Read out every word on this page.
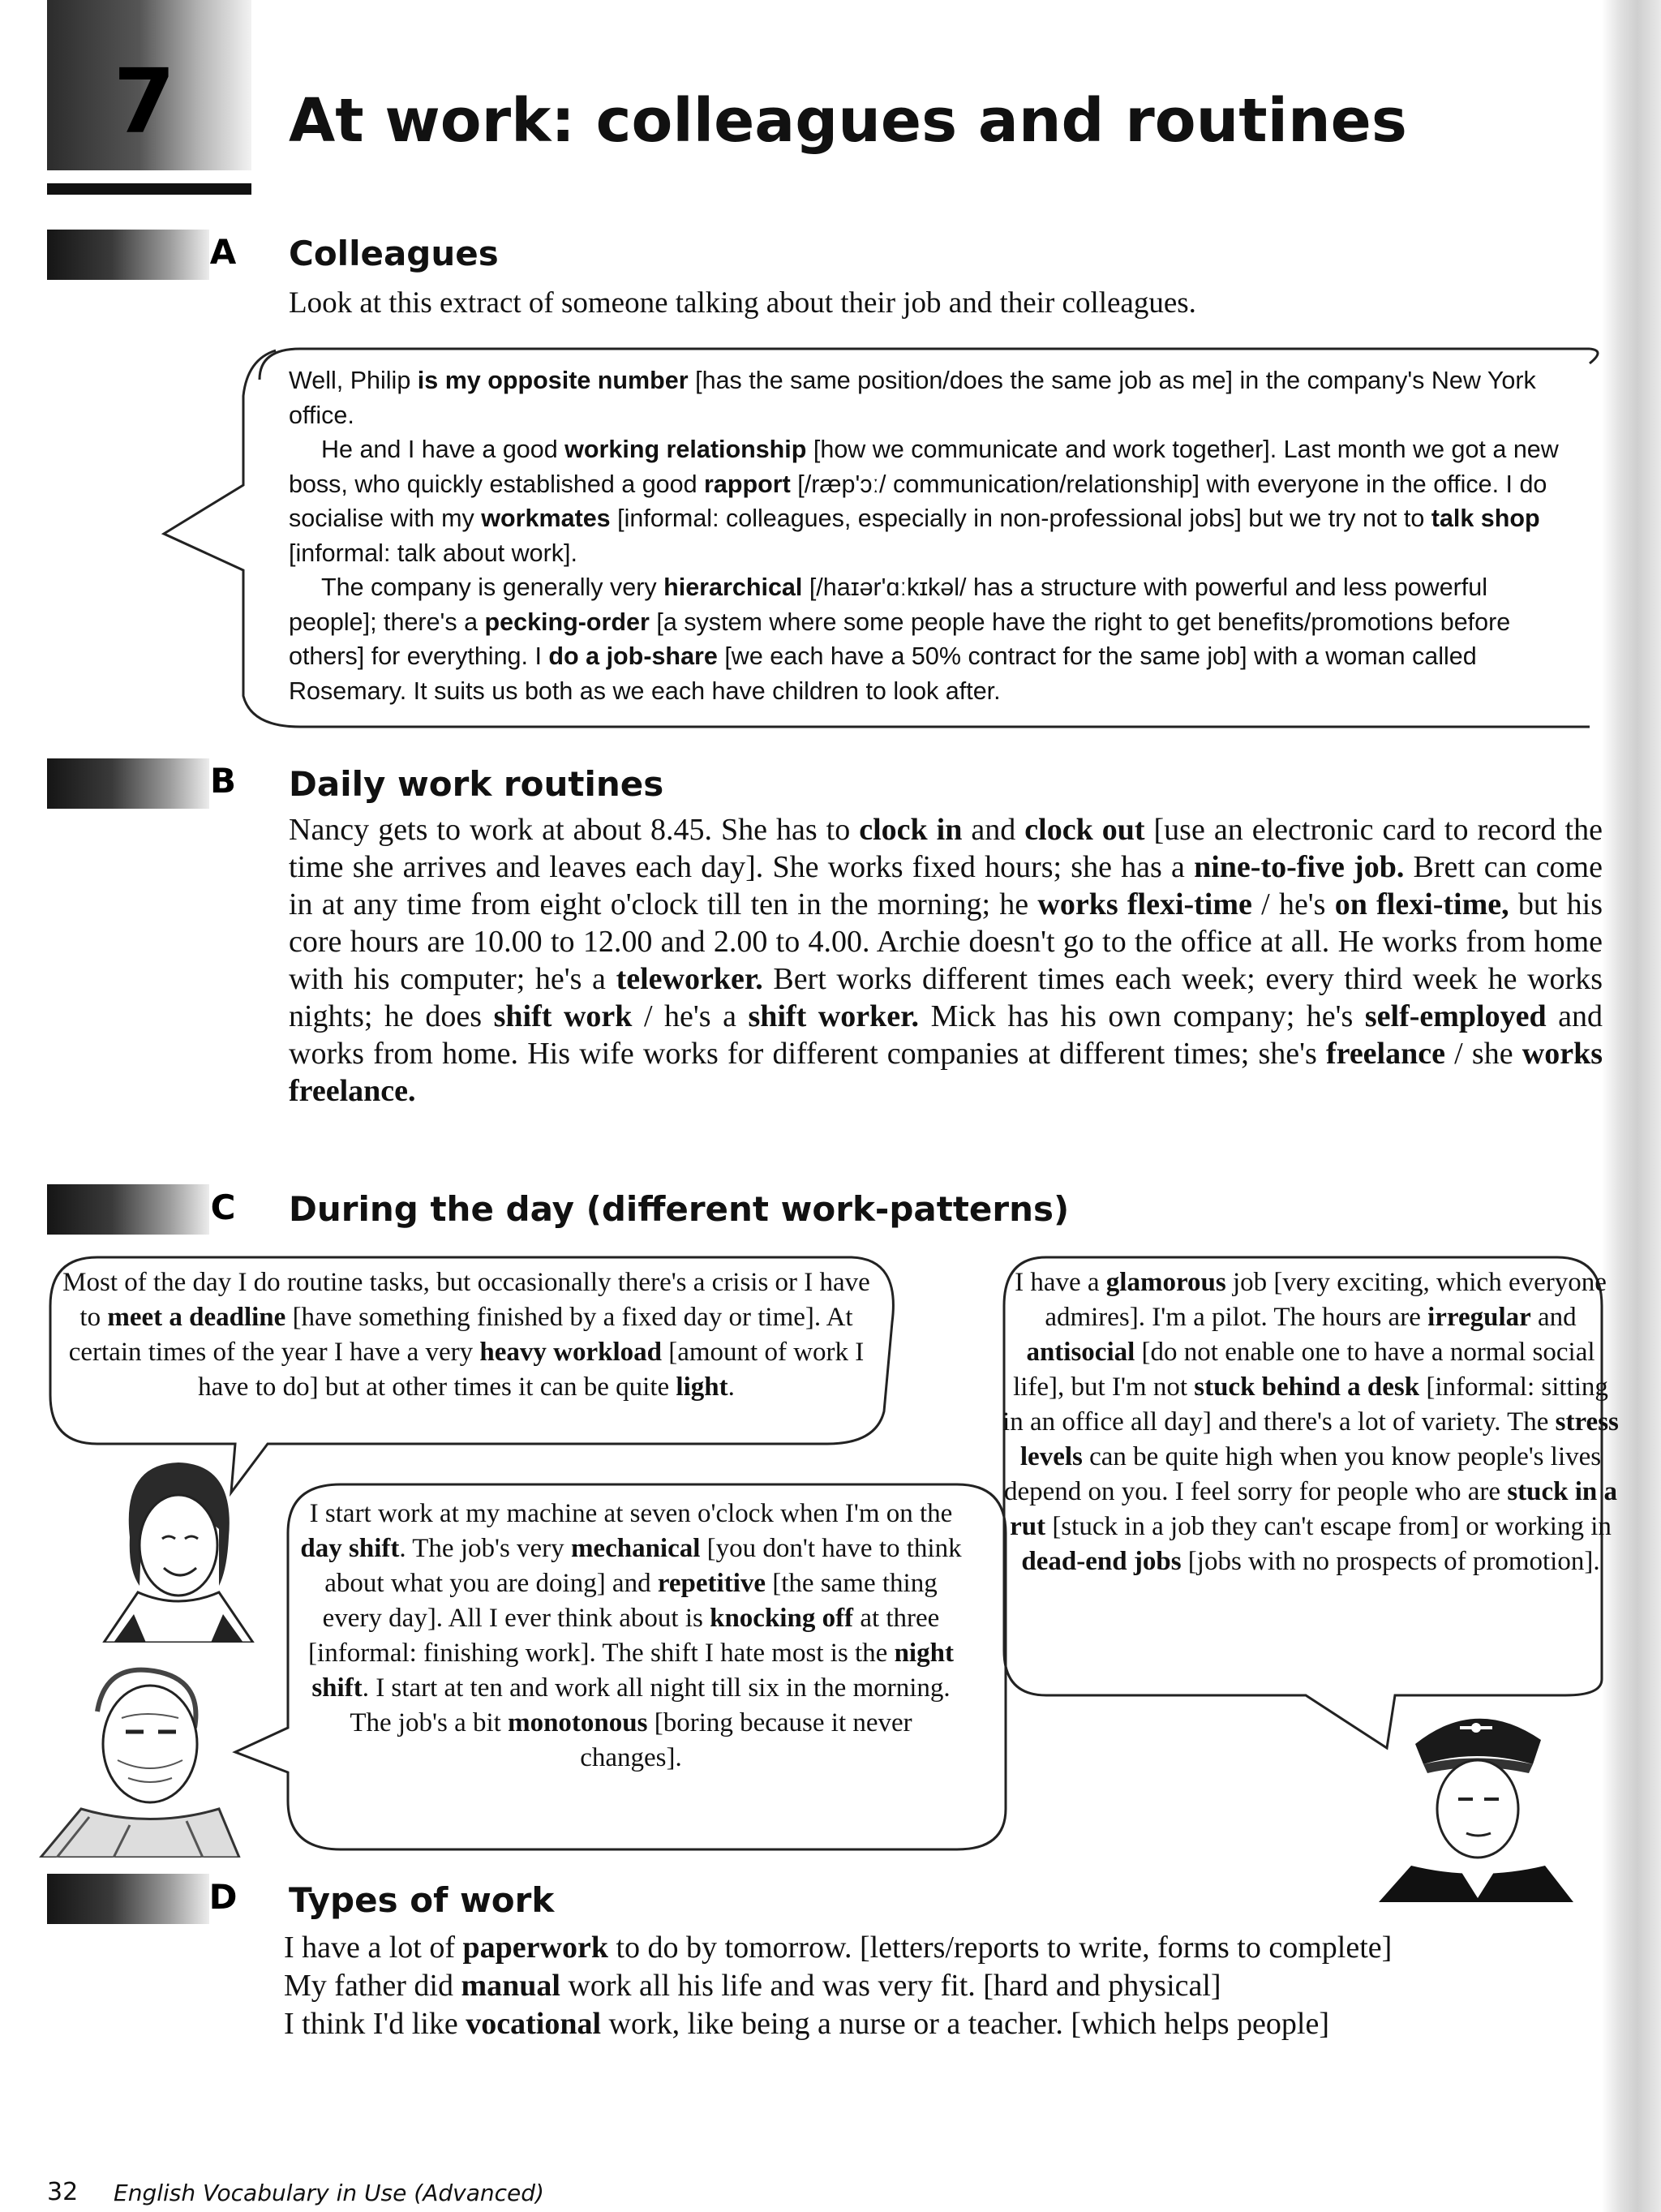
7	At work: colleagues and routines
A	Colleagues
Look at this extract of someone talking about their job and their colleagues.

Well, Philip is my opposite number [has the same position/does the same job as me] in the company's New York office.

He and I have a good working relationship [how we communicate and work together]. Last month we got a new boss, who quickly established a good rapport [/ræp'ɔː/ communication/relationship] with everyone in the office. I do socialise with my workmates [informal: colleagues, especially in non-professional jobs] but we try not to talk shop [informal: talk about work].

The company is generally very hierarchical [/haɪər'ɑːkɪkəl/ has a structure with powerful and less powerful people]; there's a pecking-order [a system where some people have the right to get benefits/promotions before others] for everything. I do a job-share [we each have a 50% contract for the same job] with a woman called Rosemary. It suits us both as we each have children to look after.

B	Daily work routines

Nancy gets to work at about 8.45. She has to clock in and clock out [use an electronic card to record the time she arrives and leaves each day]. She works fixed hours; she has a nine-to-five job. Brett can come in at any time from eight o'clock till ten in the morning; he works flexi-time / he's on flexi-time, but his core hours are 10.00 to 12.00 and 2.00 to 4.00. Archie doesn't go to the office at all. He works from home with his computer; he's a teleworker. Bert works different times each week; every third week he works nights; he does shift work / he's a shift worker. Mick has his own company; he's self-employed and works from home. His wife works for different companies at different times; she's freelance / she works freelance.

C	During the day (different work-patterns)

Most of the day I do routine tasks, but occasionally there's a crisis or I have to meet a deadline [have something finished by a fixed day or time]. At certain times of the year I have a very heavy workload [amount of work I have to do] but at other times it can be quite light.

I start work at my machine at seven o'clock when I'm on the day shift. The job's very mechanical [you don't have to think about what you are doing] and repetitive [the same thing every day]. All I ever think about is knocking off at three [informal: finishing work]. The shift I hate most is the night shift. I start at ten and work all night till six in the morning. The job's a bit monotonous [boring because it never changes].

I have a glamorous job [very exciting, which everyone admires]. I'm a pilot. The hours are irregular and antisocial [do not enable one to have a normal social life], but I'm not stuck behind a desk [informal: sitting in an office all day] and there's a lot of variety. The stress levels can be quite high when you know people's lives depend on you. I feel sorry for people who are stuck in a rut [stuck in a job they can't escape from] or working in dead-end jobs [jobs with no prospects of promotion].

D Types of work

I have a lot of paperwork to do by tomorrow. [letters/reports to write, forms to complete]

My father did manual work all his life and was very fit. [hard and physical]

I think I'd like vocational work, like being a nurse or a teacher. [which helps people]

32 English Vocabulary in Use (Advanced)
